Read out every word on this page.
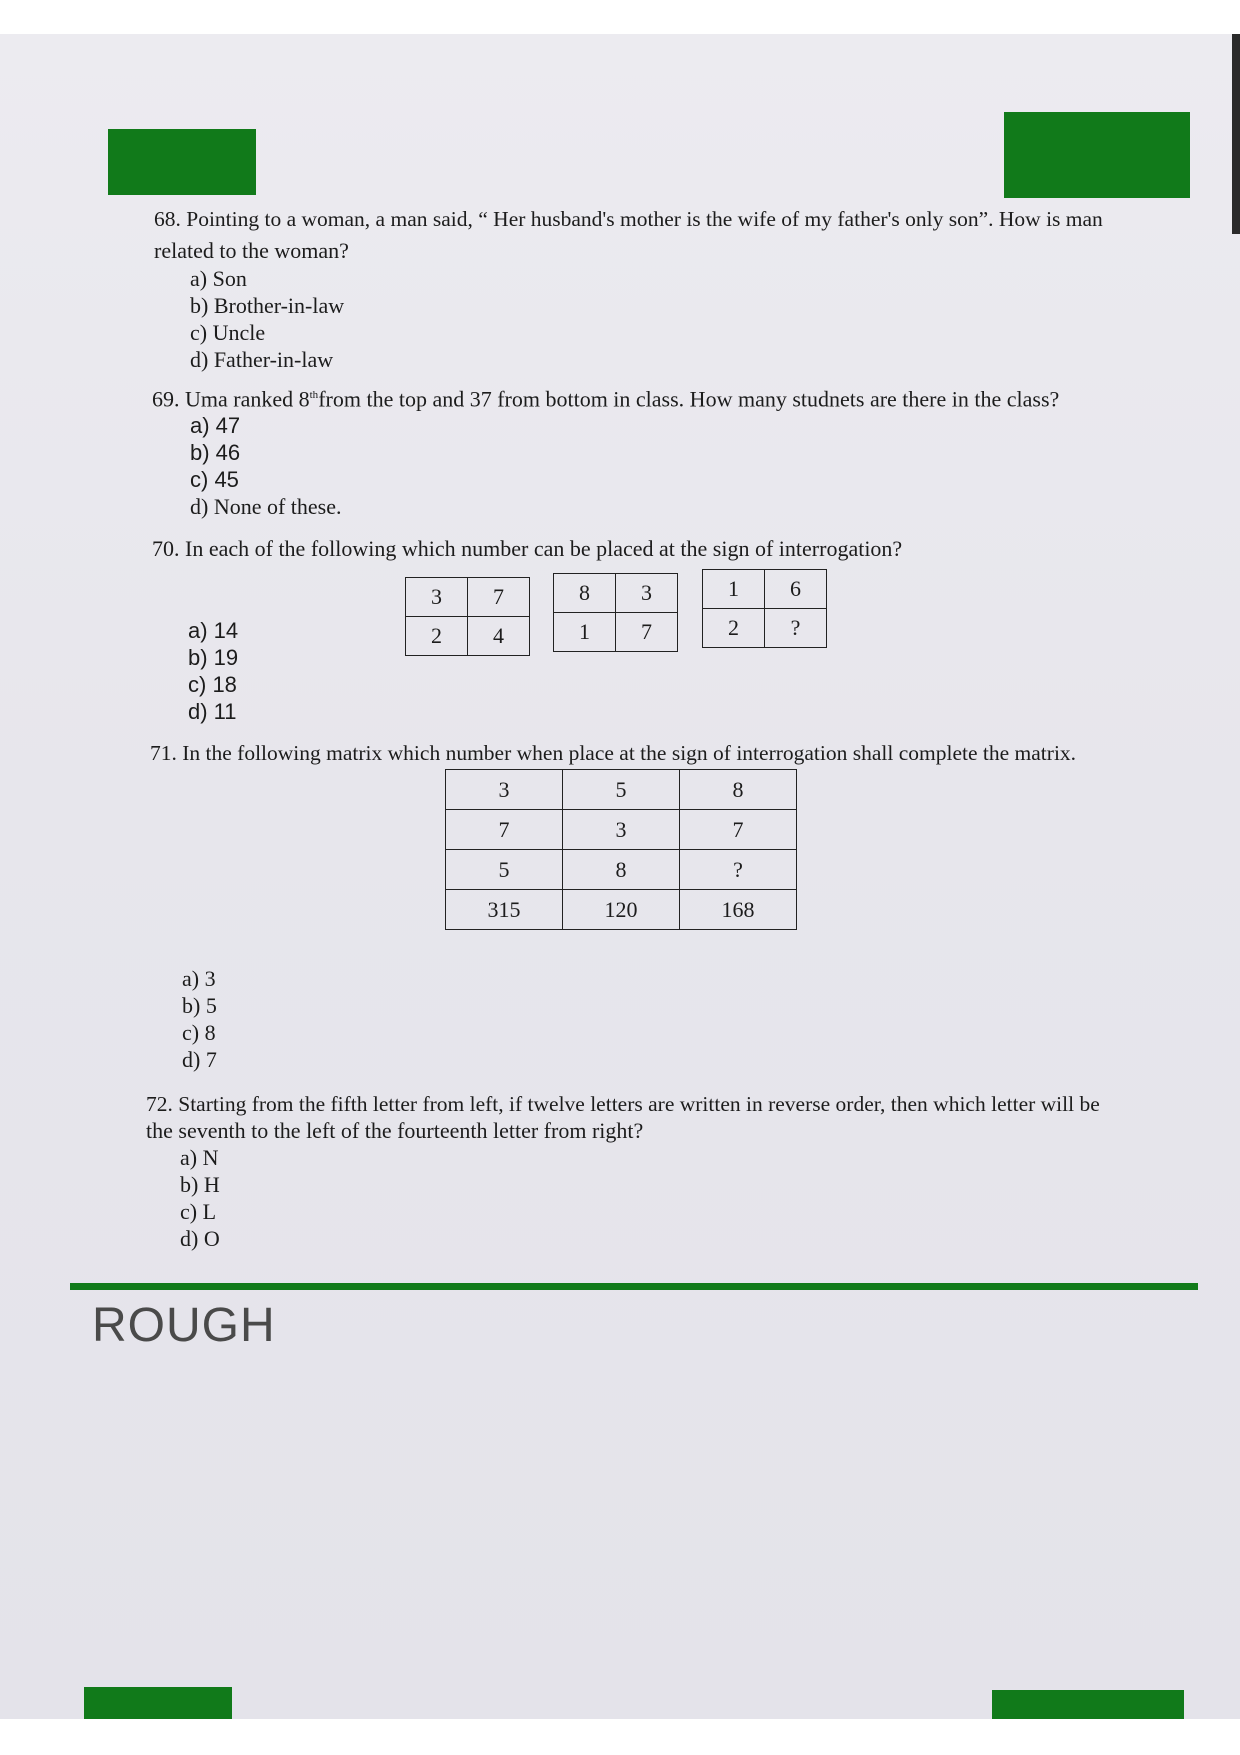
68. Pointing to a woman, a man said, “ Her husband's mother is the wife of my father's only son”. How is man
related to the woman?
a) Son
b) Brother-in-law
c) Uncle
d) Father-in-law
69. Uma ranked 8thfrom the top and 37 from bottom in class. How many studnets are there in the class?
a) 47
b) 46
c) 45
d) None of these.
70. In each of the following which number can be placed at the sign of interrogation?
a) 14
b) 19
c) 18
d) 11
3	7
2	4
8	3
1	7
1	6
2	?
71. In the following matrix which number when place at the sign of interrogation shall complete the matrix.
3	5	8
7	3	7
5	8	?
315	120	168
a) 3
b) 5
c) 8
d) 7
72. Starting from the fifth letter from left, if twelve letters are written in reverse order, then which letter will be
the seventh to the left of the fourteenth letter from right?
a) N
b) H
c) L
d) O
ROUGH
